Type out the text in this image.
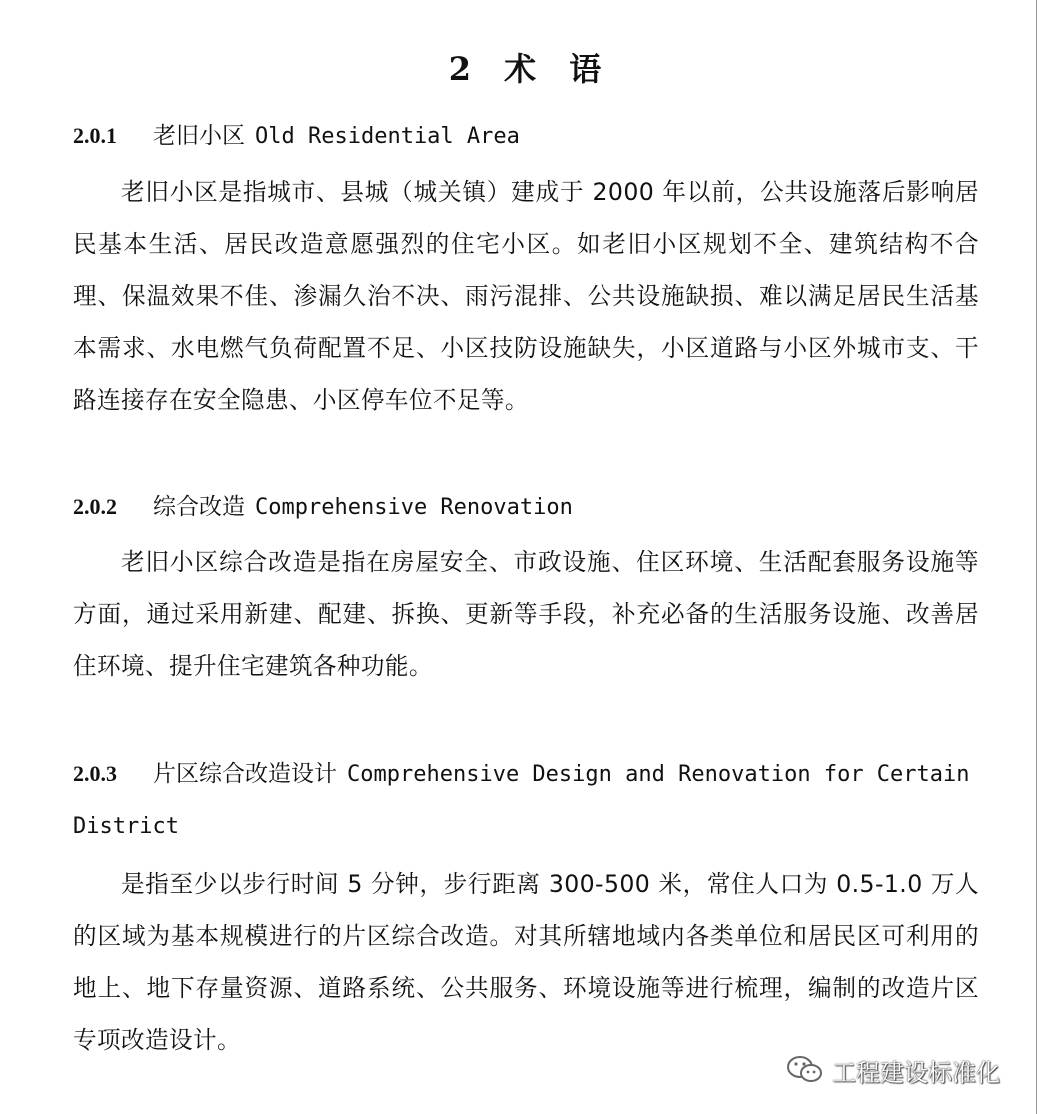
2 术 语
2.0.1 老旧小区 Old Residential Area
老旧小区是指城市、县城（城关镇）建成于 2000 年以前，公共设施落后影响居民基本生活、居民改造意愿强烈的住宅小区。如老旧小区规划不全、建筑结构不合理、保温效果不佳、渗漏久治不决、雨污混排、公共设施缺损、难以满足居民生活基本需求、水电燃气负荷配置不足、小区技防设施缺失，小区道路与小区外城市支、干路连接存在安全隐患、小区停车位不足等。
2.0.2 综合改造 Comprehensive Renovation
老旧小区综合改造是指在房屋安全、市政设施、住区环境、生活配套服务设施等方面，通过采用新建、配建、拆换、更新等手段，补充必备的生活服务设施、改善居住环境、提升住宅建筑各种功能。
2.0.3 片区综合改造设计 Comprehensive Design and Renovation for Certain
District
是指至少以步行时间 5 分钟，步行距离 300-500 米，常住人口为 0.5-1.0 万人的区域为基本规模进行的片区综合改造。对其所辖地域内各类单位和居民区可利用的地上、地下存量资源、道路系统、公共服务、环境设施等进行梳理，编制的改造片区专项改造设计。
工程建设标准化
